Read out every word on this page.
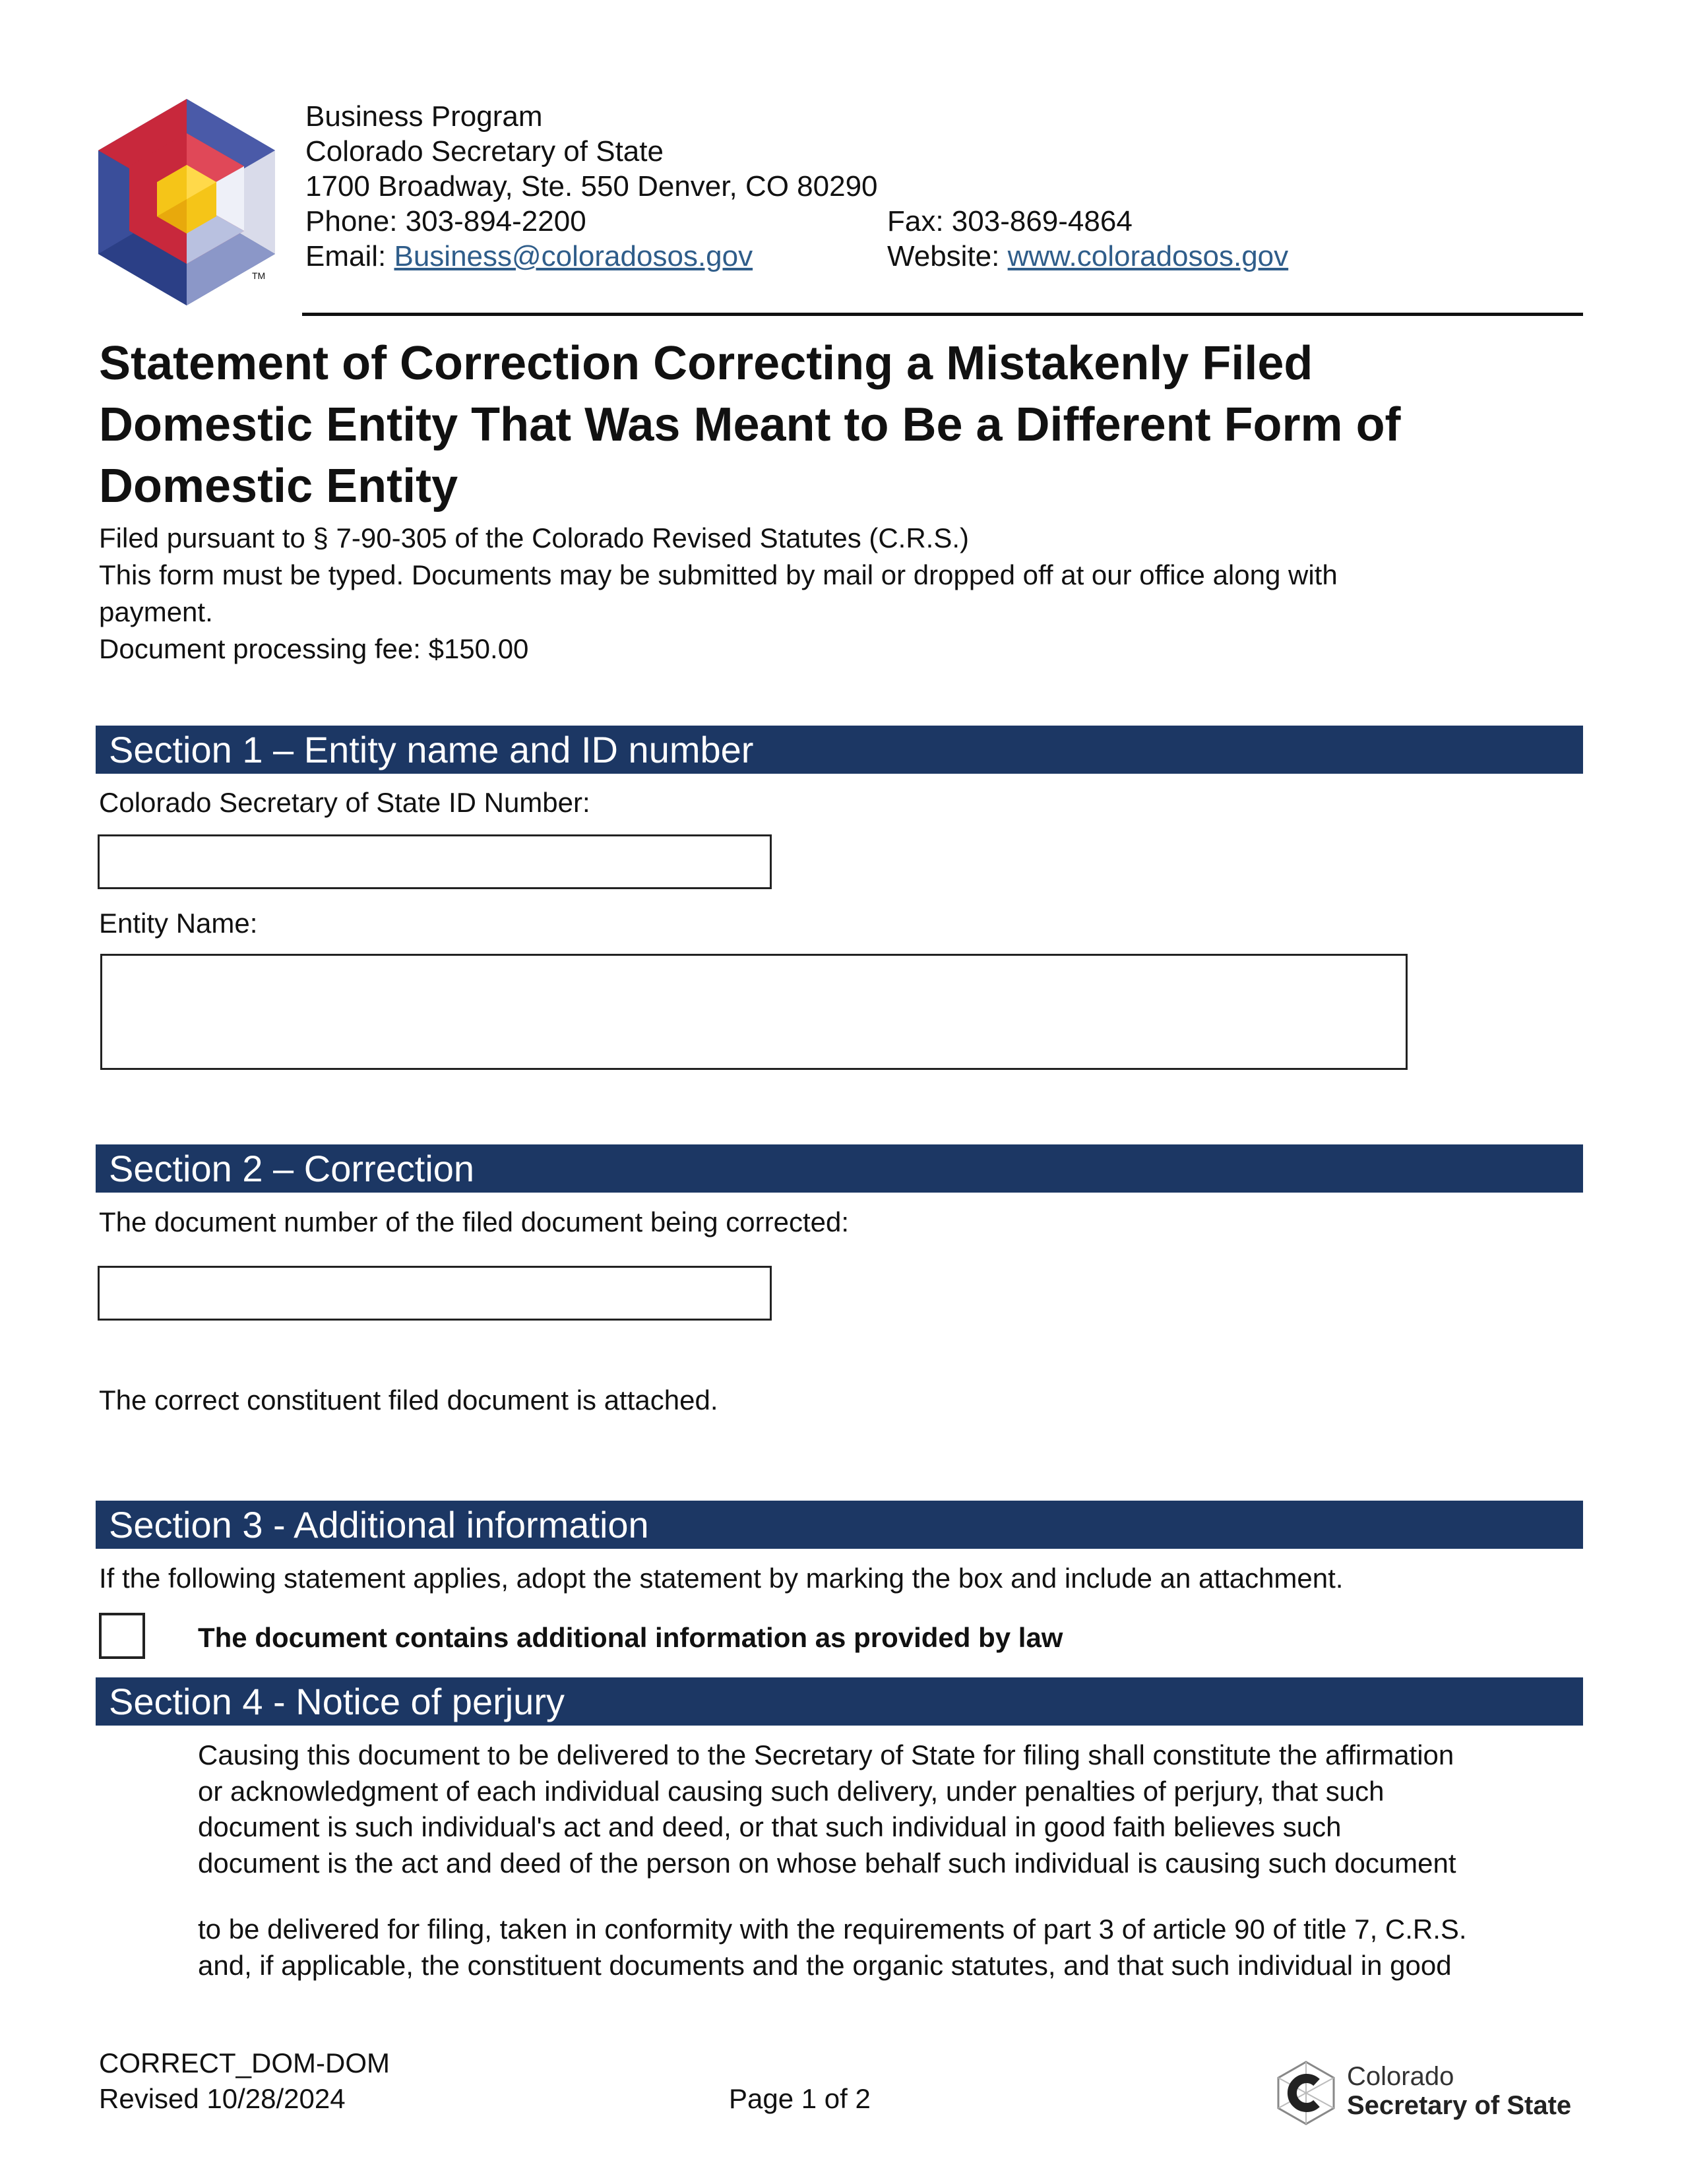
TM
Business Program
Colorado Secretary of State
1700 Broadway, Ste. 550 Denver, CO 80290
Phone: 303-894-2200	Fax: 303-869-4864
Email: Business@coloradosos.gov	Website: www.coloradosos.gov
Statement of Correction Correcting a Mistakenly Filed
Domestic Entity That Was Meant to Be a Different Form of
Domestic Entity
Filed pursuant to § 7-90-305 of the Colorado Revised Statutes (C.R.S.)
This form must be typed. Documents may be submitted by mail or dropped off at our office along with
payment.
Document processing fee: $150.00
Section 1 – Entity name and ID number
Colorado Secretary of State ID Number:
Entity Name:
Section 2 – Correction
The document number of the filed document being corrected:
The correct constituent filed document is attached.
Section 3 - Additional information
If the following statement applies, adopt the statement by marking the box and include an attachment.
The document contains additional information as provided by law
Section 4 - Notice of perjury
Causing this document to be delivered to the Secretary of State for filing shall constitute the affirmation
or acknowledgment of each individual causing such delivery, under penalties of perjury, that such
document is such individual's act and deed, or that such individual in good faith believes such
document is the act and deed of the person on whose behalf such individual is causing such document
to be delivered for filing, taken in conformity with the requirements of part 3 of article 90 of title 7, C.R.S.
and, if applicable, the constituent documents and the organic statutes, and that such individual in good
CORRECT_DOM-DOM
Revised 10/28/2024	Page 1 of 2
Colorado
Secretary of State
